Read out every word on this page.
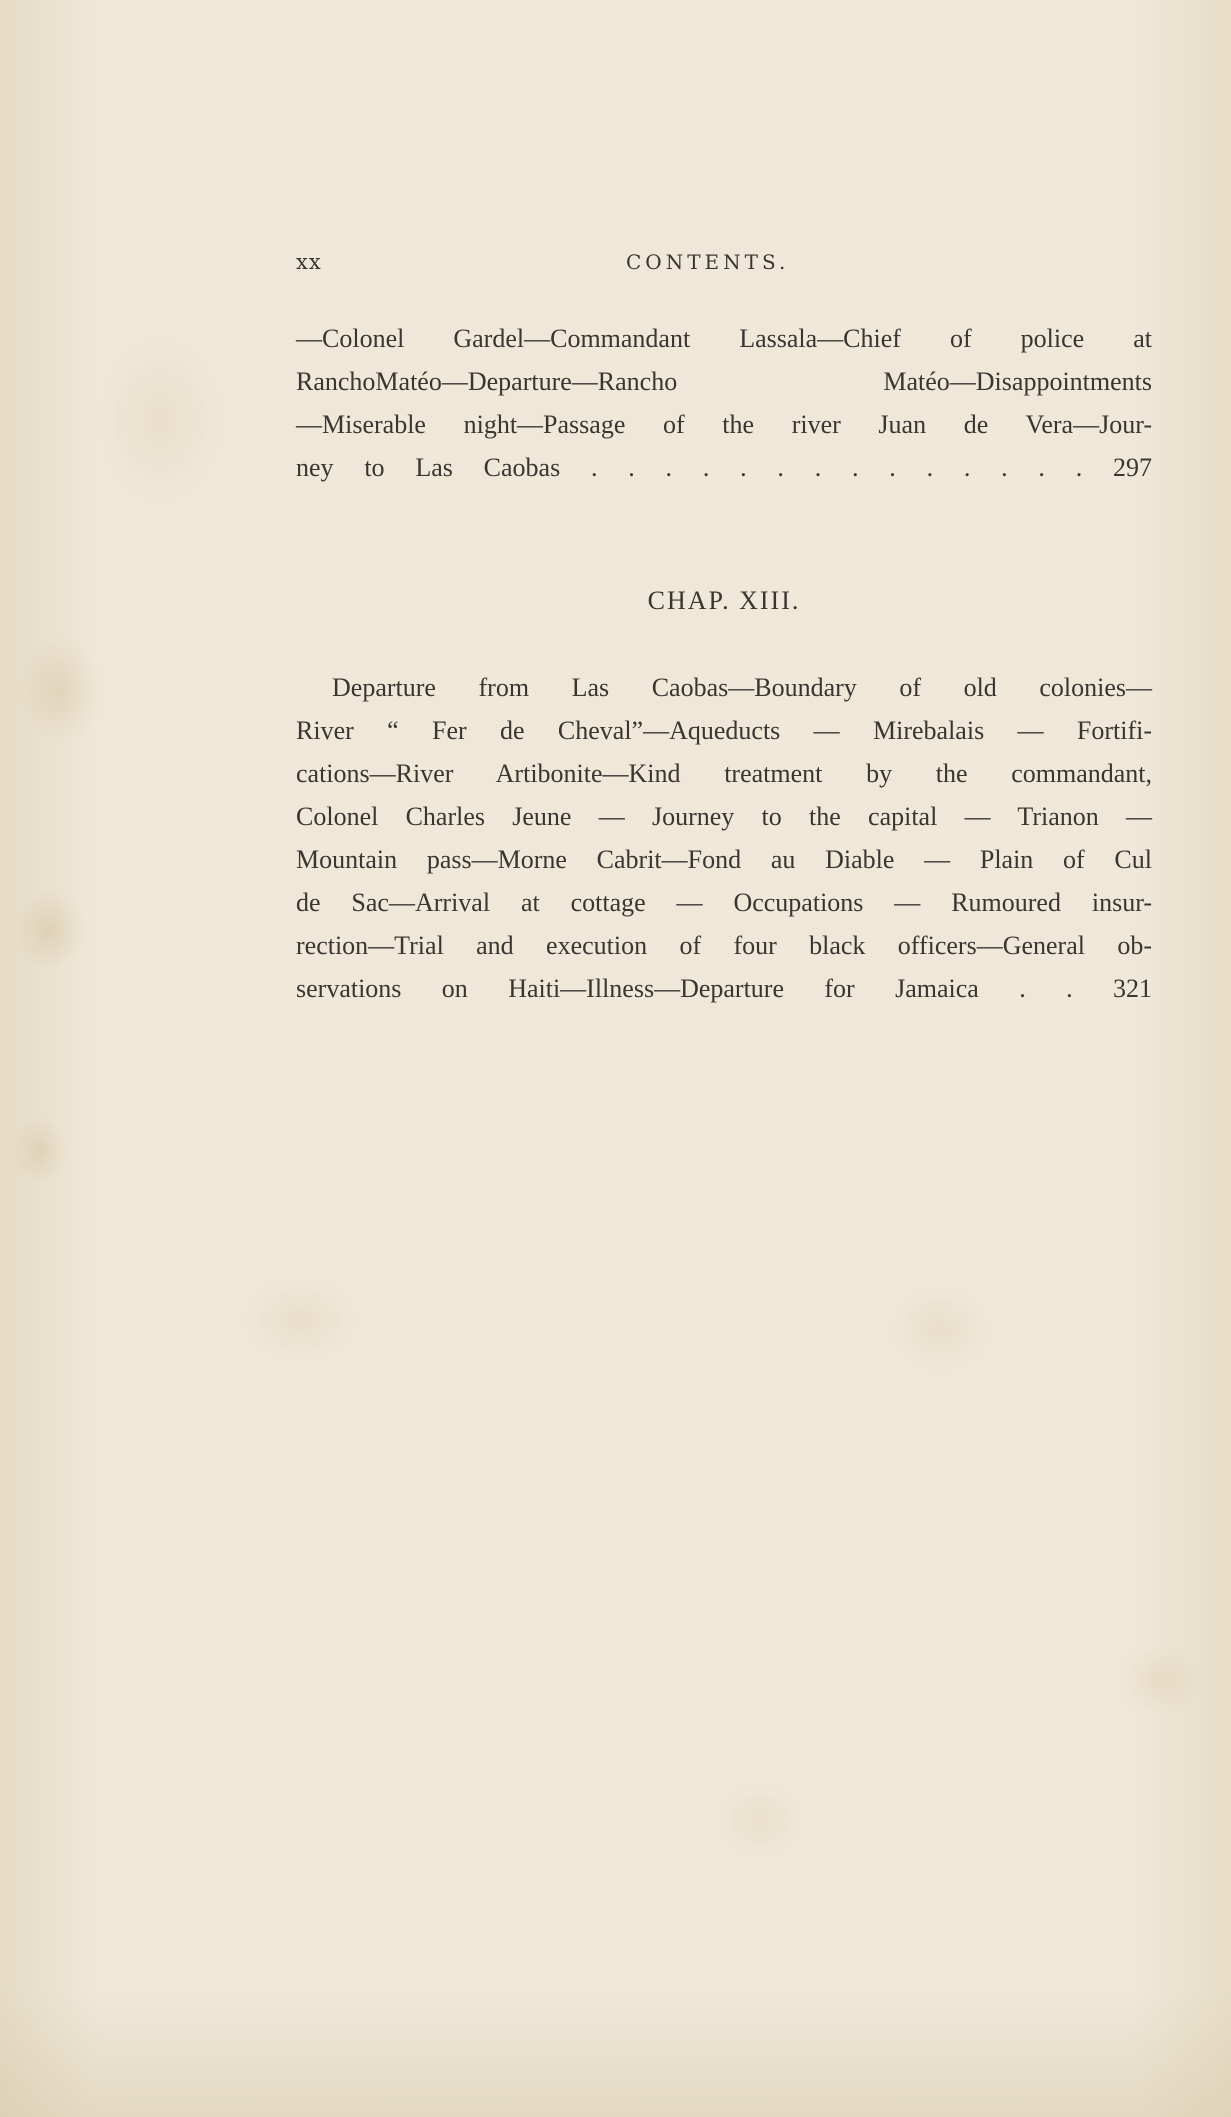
xx	CONTENTS.
—Colonel Gardel—Commandant Lassala—Chief of police at
RanchoMatéo—Departure—Rancho Matéo—Disappointments
—Miserable night—Passage of the river Juan de Vera—Jour-
ney to Las Caobas . . . . . . . . . . . . . . 297
CHAP. XIII.
Departure from Las Caobas—Boundary of old colonies—
River “ Fer de Cheval”—Aqueducts — Mirebalais — Fortifi-
cations—River Artibonite—Kind treatment by the commandant,
Colonel Charles Jeune — Journey to the capital — Trianon —
Mountain pass—Morne Cabrit—Fond au Diable — Plain of Cul
de Sac—Arrival at cottage — Occupations — Rumoured insur-
rection—Trial and execution of four black officers—General ob-
servations on Haiti—Illness—Departure for Jamaica . . 321
